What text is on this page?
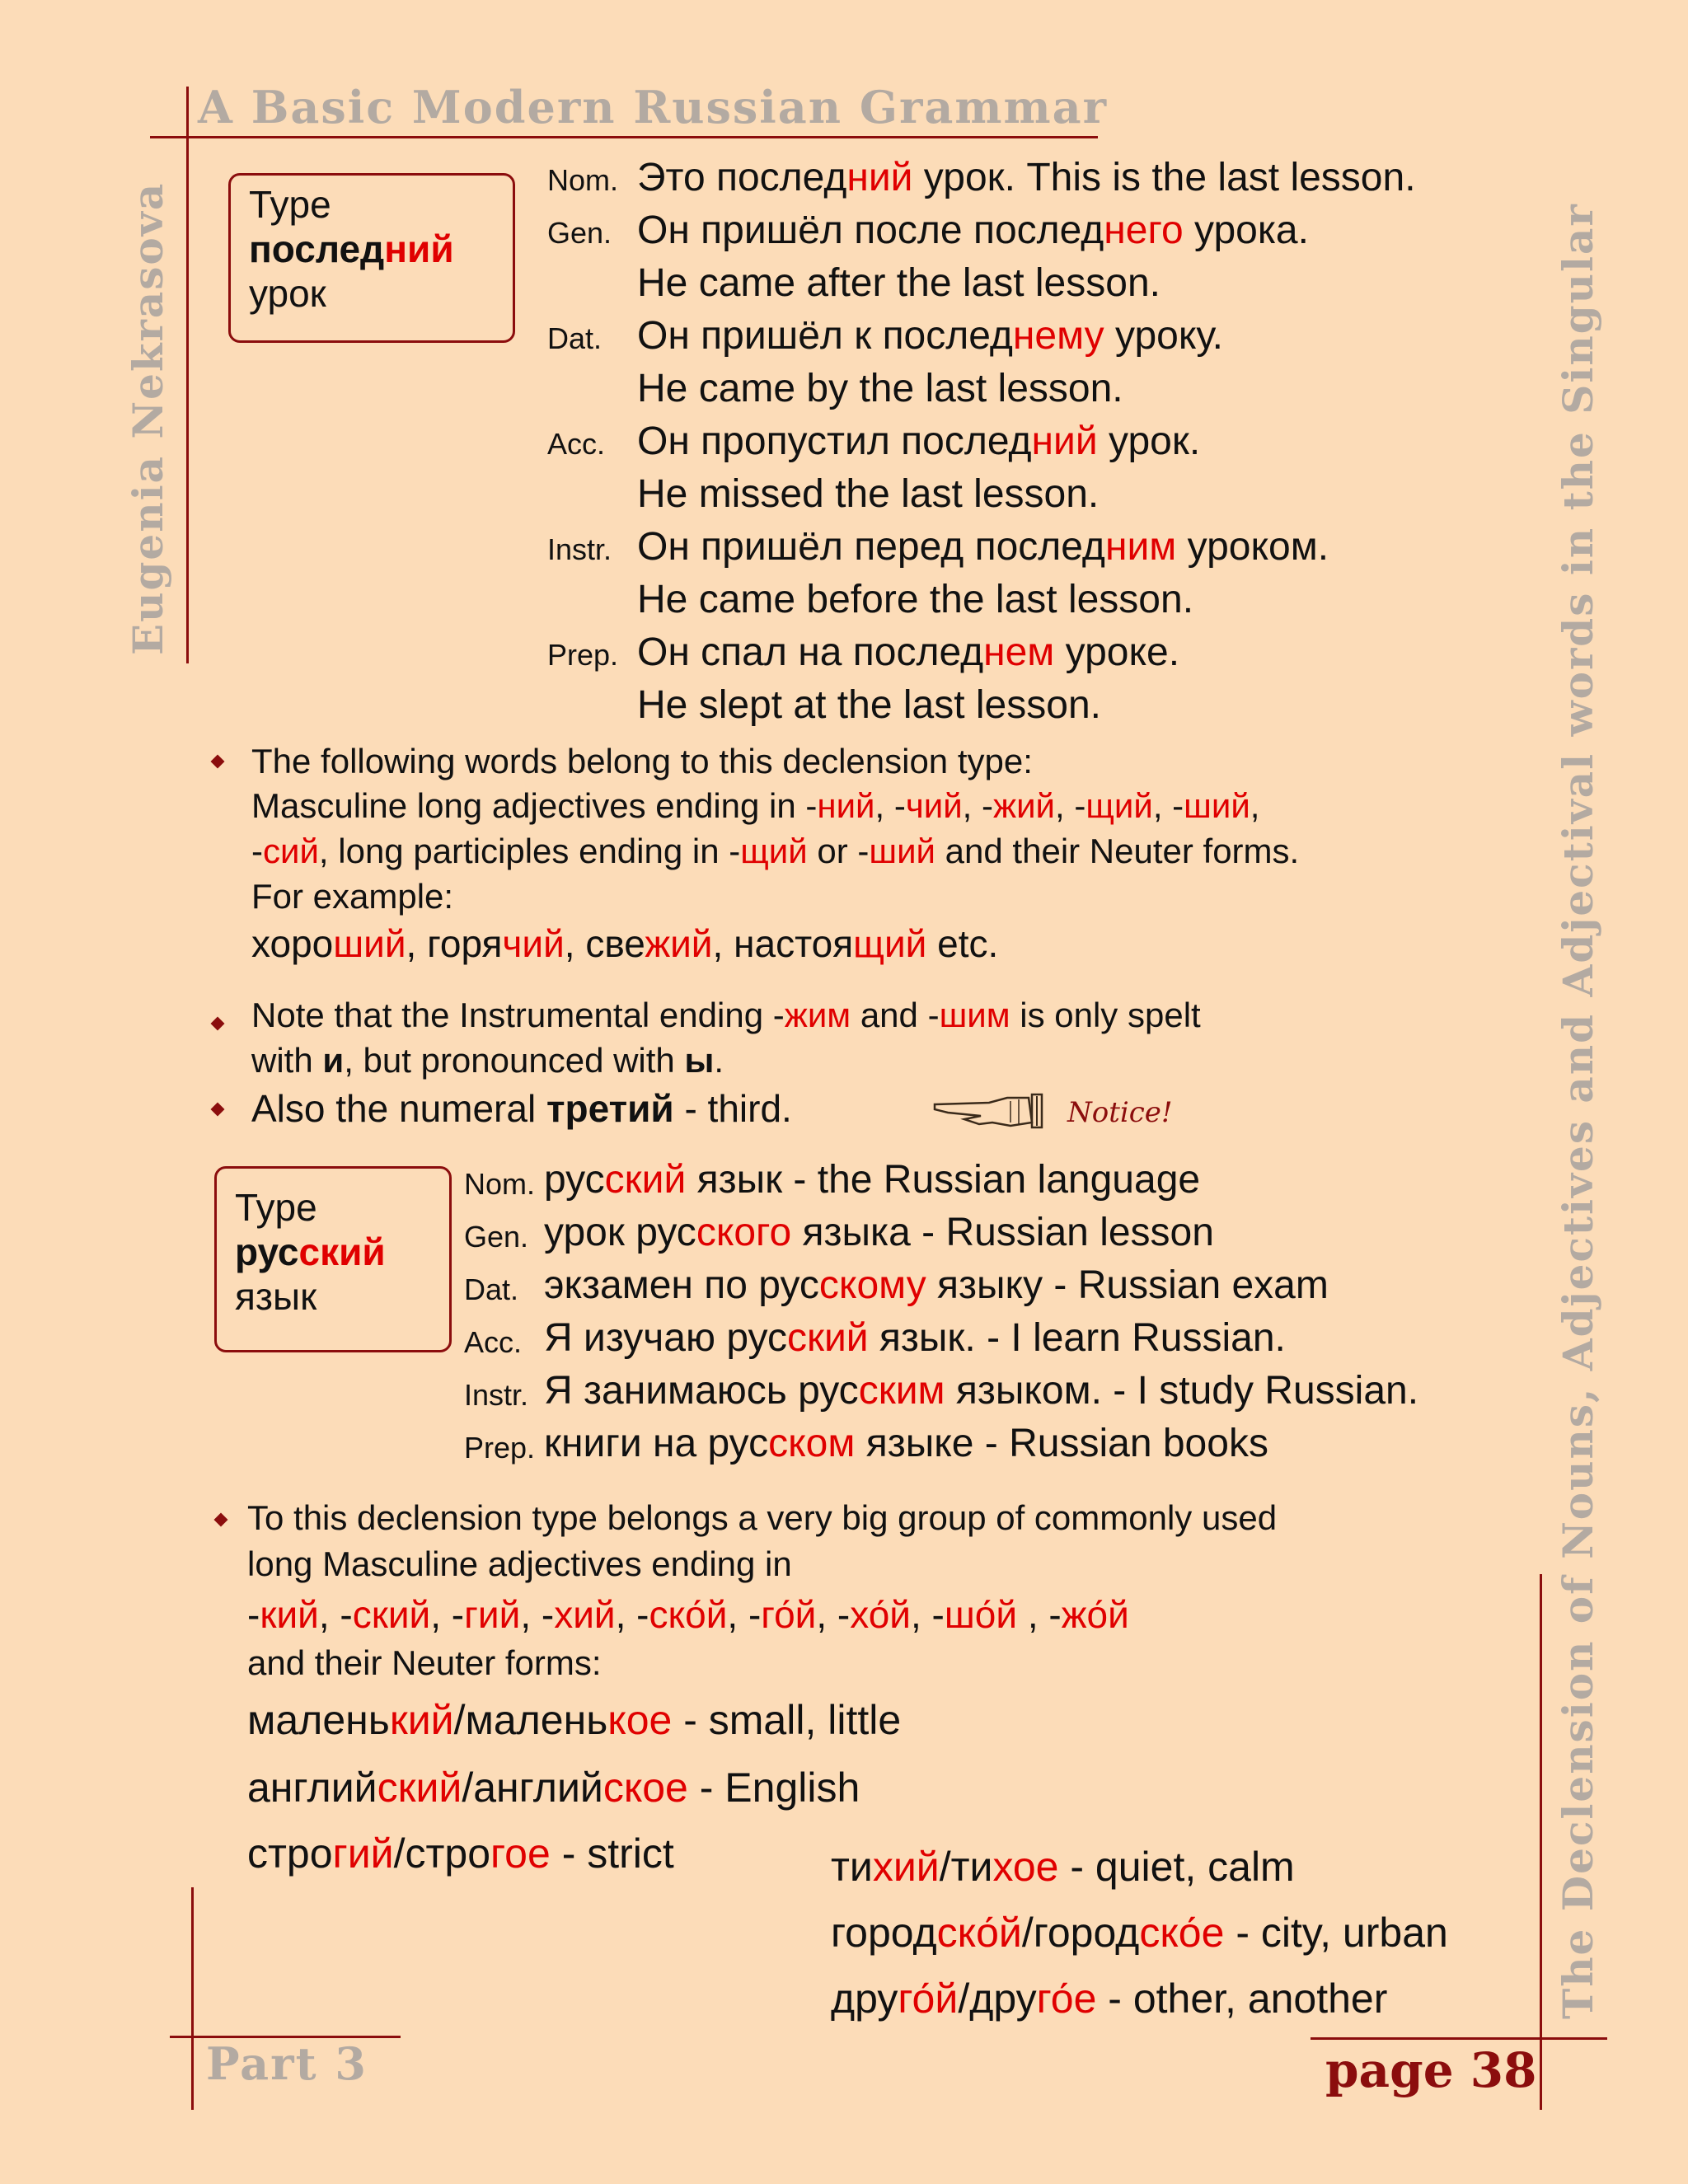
A Basic Modern Russian Grammar
Eugenia Nekrasova	The Declension of Nouns, Adjectives and Adjectival words in the Singular
Part 3	page 38
Type
последний
урок
Nom. Это последний урок. This is the last lesson.
Gen. Он пришёл после последнего урока.
He came after the last lesson.
Dat. Он пришёл к последнему уроку.
He came by the last lesson.
Acc. Он пропустил последний урок.
He missed the last lesson.
Instr. Он пришёл перед последним уроком.
He came before the last lesson.
Prep. Он спал на последнем уроке.
He slept at the last lesson.
The following words belong to this declension type:
Masculine long adjectives ending in -ний, -чий, -жий, -щий, -ший,
-сий, long participles ending in -щий or -ший and their Neuter forms.
For example:
хороший, горячий, свежий, настоящий etc.
Note that the Instrumental ending -жим and -шим is only spelt
with и, but pronounced with ы.
Also the numeral третий - third.	Notice!
Type
русский
язык
Nom. русский язык - the Russian language
Gen. урок русского языка - Russian lesson
Dat. экзамен по русскому языку - Russian exam
Acc. Я изучаю русский язык. - I learn Russian.
Instr. Я занимаюсь русским языком. - I study Russian.
Prep. книги на русском языке - Russian books
To this declension type belongs a very big group of commonly used
long Masculine adjectives ending in
-кий, -ский, -гий, -хий, -ско́й, -го́й, -хо́й, -шо́й , -жо́й
and their Neuter forms:
маленький/маленькое - small, little
английский/английское - English
строгий/строгое - strict	тихий/тихое - quiet, calm
городско́й/городско́е - city, urban
друго́й/друго́е - other, another
